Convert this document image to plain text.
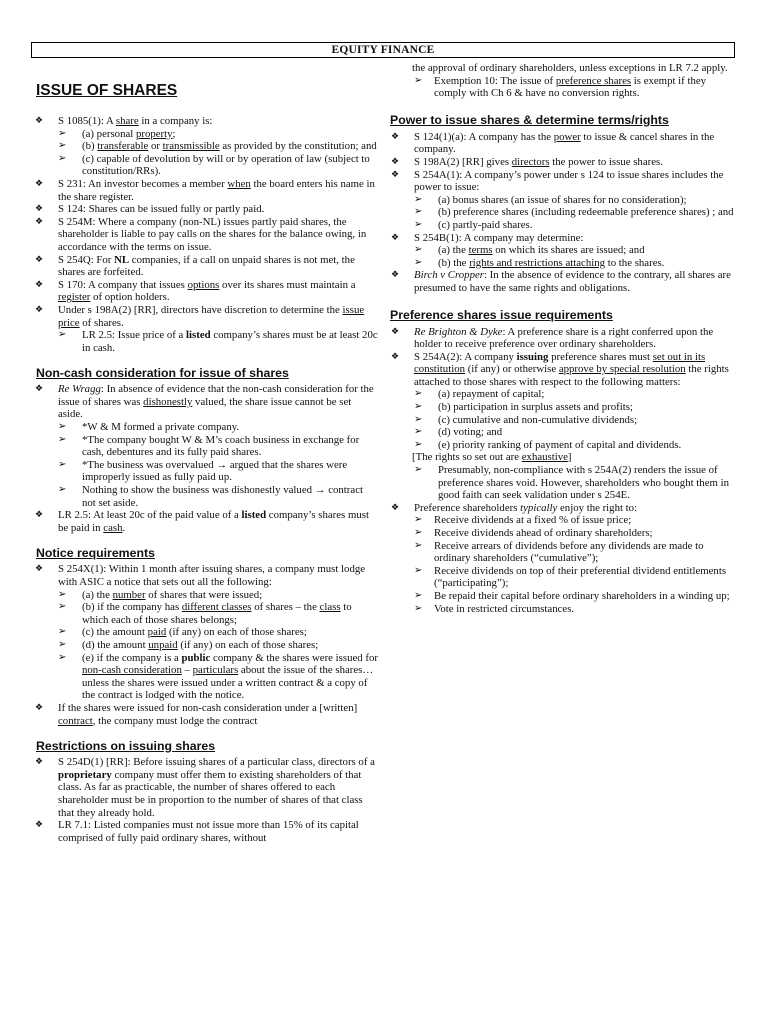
EQUITY FINANCE
ISSUE OF SHARES
❖ S 1085(1): A share in a company is:
➢ (a) personal property;
➢ (b) transferable or transmissible as provided by the constitution; and
➢ (c) capable of devolution by will or by operation of law (subject to constitution/RRs).
❖ S 231: An investor becomes a member when the board enters his name in the share register.
❖ S 124: Shares can be issued fully or partly paid.
❖ S 254M: Where a company (non-NL) issues partly paid shares, the shareholder is liable to pay calls on the shares for the balance owing, in accordance with the terms on issue.
❖ S 254Q: For NL companies, if a call on unpaid shares is not met, the shares are forfeited.
❖ S 170: A company that issues options over its shares must maintain a register of option holders.
❖ Under s 198A(2) [RR], directors have discretion to determine the issue price of shares.
➢ LR 2.5: Issue price of a listed company’s shares must be at least 20c in cash.
Non-cash consideration for issue of shares
❖ Re Wragg: In absence of evidence that the non-cash consideration for the issue of shares was dishonestly valued, the share issue cannot be set aside.
➢ *W & M formed a private company.
➢ *The company bought W & M’s coach business in exchange for cash, debentures and its fully paid shares.
➢ *The business was overvalued → argued that the shares were improperly issued as fully paid up.
➢ Nothing to show the business was dishonestly valued → contract not set aside.
❖ LR 2.5: At least 20c of the paid value of a listed company’s shares must be paid in cash.
Notice requirements
❖ S 254X(1): Within 1 month after issuing shares, a company must lodge with ASIC a notice that sets out all the following:
➢ (a) the number of shares that were issued;
➢ (b) if the company has different classes of shares – the class to which each of those shares belongs;
➢ (c) the amount paid (if any) on each of those shares;
➢ (d) the amount unpaid (if any) on each of those shares;
➢ (e) if the company is a public company & the shares were issued for non-cash consideration – particulars about the issue of the shares… unless the shares were issued under a written contract & a copy of the contract is lodged with the notice.
❖ If the shares were issued for non-cash consideration under a [written] contract, the company must lodge the contract
Restrictions on issuing shares
❖ S 254D(1) [RR]: Before issuing shares of a particular class, directors of a proprietary company must offer them to existing shareholders of that class. As far as practicable, the number of shares offered to each shareholder must be in proportion to the number of shares of that class that they already hold.
❖ LR 7.1: Listed companies must not issue more than 15% of its capital comprised of fully paid ordinary shares, without
the approval of ordinary shareholders, unless exceptions in LR 7.2 apply.
➢ Exemption 10: The issue of preference shares is exempt if they comply with Ch 6 & have no conversion rights.
Power to issue shares & determine terms/rights
❖ S 124(1)(a): A company has the power to issue & cancel shares in the company.
❖ S 198A(2) [RR] gives directors the power to issue shares.
❖ S 254A(1): A company’s power under s 124 to issue shares includes the power to issue:
➢ (a) bonus shares (an issue of shares for no consideration);
➢ (b) preference shares (including redeemable preference shares) ; and
➢ (c) partly-paid shares.
❖ S 254B(1): A company may determine:
➢ (a) the terms on which its shares are issued; and
➢ (b) the rights and restrictions attaching to the shares.
❖ Birch v Cropper: In the absence of evidence to the contrary, all shares are presumed to have the same rights and obligations.
Preference shares issue requirements
❖ Re Brighton & Dyke: A preference share is a right conferred upon the holder to receive preference over ordinary shareholders.
❖ S 254A(2): A company issuing preference shares must set out in its constitution (if any) or otherwise approve by special resolution the rights attached to those shares with respect to the following matters:
➢ (a) repayment of capital;
➢ (b) participation in surplus assets and profits;
➢ (c) cumulative and non-cumulative dividends;
➢ (d) voting; and
➢ (e) priority ranking of payment of capital and dividends.
[The rights so set out are exhaustive]
➢ Presumably, non-compliance with s 254A(2) renders the issue of preference shares void. However, shareholders who bought them in good faith can seek validation under s 254E.
❖ Preference shareholders typically enjoy the right to:
➢ Receive dividends at a fixed % of issue price;
➢ Receive dividends ahead of ordinary shareholders;
➢ Receive arrears of dividends before any dividends are made to ordinary shareholders (“cumulative”);
➢ Receive dividends on top of their preferential dividend entitlements (“participating”);
➢ Be repaid their capital before ordinary shareholders in a winding up;
➢ Vote in restricted circumstances.
